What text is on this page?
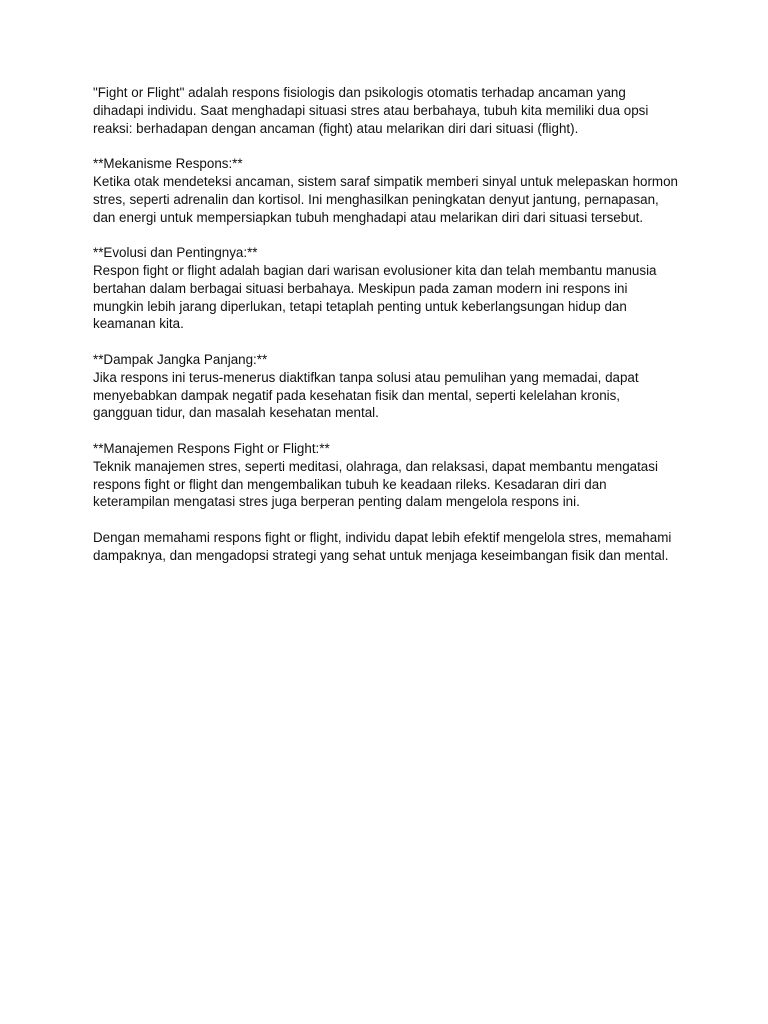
"Fight or Flight" adalah respons fisiologis dan psikologis otomatis terhadap ancaman yang dihadapi individu. Saat menghadapi situasi stres atau berbahaya, tubuh kita memiliki dua opsi reaksi: berhadapan dengan ancaman (fight) atau melarikan diri dari situasi (flight).

**Mekanisme Respons:**
Ketika otak mendeteksi ancaman, sistem saraf simpatik memberi sinyal untuk melepaskan hormon stres, seperti adrenalin dan kortisol. Ini menghasilkan peningkatan denyut jantung, pernapasan, dan energi untuk mempersiapkan tubuh menghadapi atau melarikan diri dari situasi tersebut.
**Evolusi dan Pentingnya:**
Respon fight or flight adalah bagian dari warisan evolusioner kita dan telah membantu manusia bertahan dalam berbagai situasi berbahaya. Meskipun pada zaman modern ini respons ini mungkin lebih jarang diperlukan, tetapi tetaplah penting untuk keberlangsungan hidup dan keamanan kita.
**Dampak Jangka Panjang:**
Jika respons ini terus-menerus diaktifkan tanpa solusi atau pemulihan yang memadai, dapat menyebabkan dampak negatif pada kesehatan fisik dan mental, seperti kelelahan kronis, gangguan tidur, dan masalah kesehatan mental.
**Manajemen Respons Fight or Flight:**
Teknik manajemen stres, seperti meditasi, olahraga, dan relaksasi, dapat membantu mengatasi respons fight or flight dan mengembalikan tubuh ke keadaan rileks. Kesadaran diri dan keterampilan mengatasi stres juga berperan penting dalam mengelola respons ini.

Dengan memahami respons fight or flight, individu dapat lebih efektif mengelola stres, memahami dampaknya, dan mengadopsi strategi yang sehat untuk menjaga keseimbangan fisik dan mental.
